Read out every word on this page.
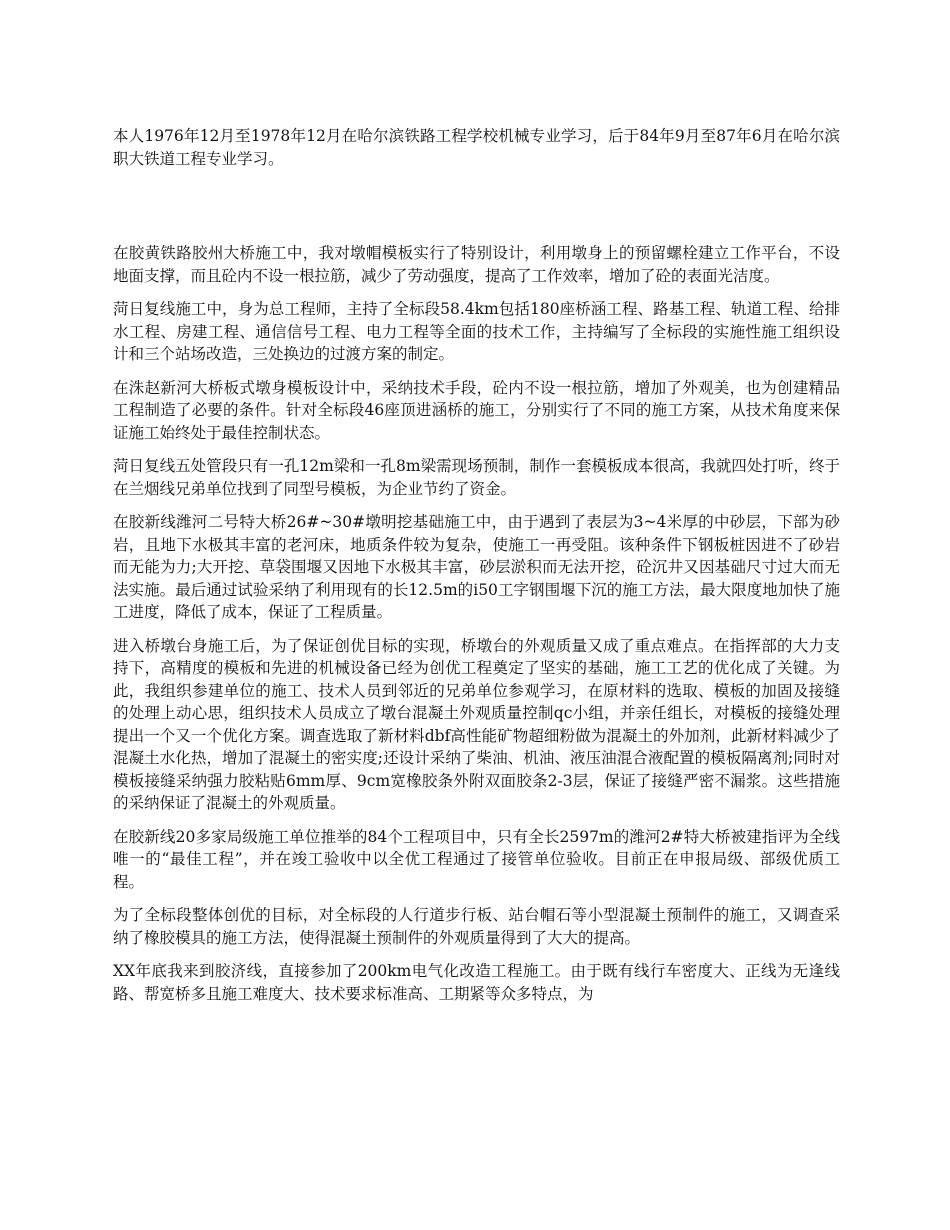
本人1976年12月至1978年12月在哈尔滨铁路工程学校机械专业学习，后于84年9月至87年6月在哈尔滨职大铁道工程专业学习。

在胶黄铁路胶州大桥施工中，我对墩帽模板实行了特别设计，利用墩身上的预留螺栓建立工作平台，不设地面支撑，而且砼内不设一根拉筋，减少了劳动强度，提高了工作效率，增加了砼的表面光洁度。

菏日复线施工中，身为总工程师，主持了全标段58.4km包括180座桥涵工程、路基工程、轨道工程、给排水工程、房建工程、通信信号工程、电力工程等全面的技术工作，主持编写了全标段的实施性施工组织设计和三个站场改造，三处换边的过渡方案的制定。

在洙赵新河大桥板式墩身模板设计中，采纳技术手段，砼内不设一根拉筋，增加了外观美，也为创建精品工程制造了必要的条件。针对全标段46座顶进涵桥的施工，分别实行了不同的施工方案，从技术角度来保证施工始终处于最佳控制状态。

菏日复线五处管段只有一孔12m梁和一孔8m梁需现场预制，制作一套模板成本很高，我就四处打听，终于在兰烟线兄弟单位找到了同型号模板，为企业节约了资金。

在胶新线潍河二号特大桥26#~30#墩明挖基础施工中，由于遇到了表层为3~4米厚的中砂层，下部为砂岩，且地下水极其丰富的老河床，地质条件较为复杂，使施工一再受阻。该种条件下钢板桩因进不了砂岩而无能为力;大开挖、草袋围堰又因地下水极其丰富，砂层淤积而无法开挖，砼沉井又因基础尺寸过大而无法实施。最后通过试验采纳了利用现有的长12.5m的i50工字钢围堰下沉的施工方法，最大限度地加快了施工进度，降低了成本，保证了工程质量。

进入桥墩台身施工后，为了保证创优目标的实现，桥墩台的外观质量又成了重点难点。在指挥部的大力支持下，高精度的模板和先进的机械设备已经为创优工程奠定了坚实的基础，施工工艺的优化成了关键。为此，我组织参建单位的施工、技术人员到邻近的兄弟单位参观学习，在原材料的选取、模板的加固及接缝的处理上动心思，组织技术人员成立了墩台混凝土外观质量控制qc小组，并亲任组长，对模板的接缝处理提出一个又一个优化方案。调查选取了新材料dbf高性能矿物超细粉做为混凝土的外加剂，此新材料减少了混凝土水化热，增加了混凝土的密实度;还设计采纳了柴油、机油、液压油混合液配置的模板隔离剂;同时对模板接缝采纳强力胶粘贴6mm厚、9cm宽橡胶条外附双面胶条2-3层，保证了接缝严密不漏浆。这些措施的采纳保证了混凝土的外观质量。

在胶新线20多家局级施工单位推举的84个工程项目中，只有全长2597m的潍河2#特大桥被建指评为全线唯一的“最佳工程”，并在竣工验收中以全优工程通过了接管单位验收。目前正在申报局级、部级优质工程。

为了全标段整体创优的目标，对全标段的人行道步行板、站台帽石等小型混凝土预制件的施工，又调查采纳了橡胶模具的施工方法，使得混凝土预制件的外观质量得到了大大的提高。

XX年底我来到胶济线，直接参加了200km电气化改造工程施工。由于既有线行车密度大、正线为无逢线路、帮宽桥多且施工难度大、技术要求标准高、工期紧等众多特点，为
